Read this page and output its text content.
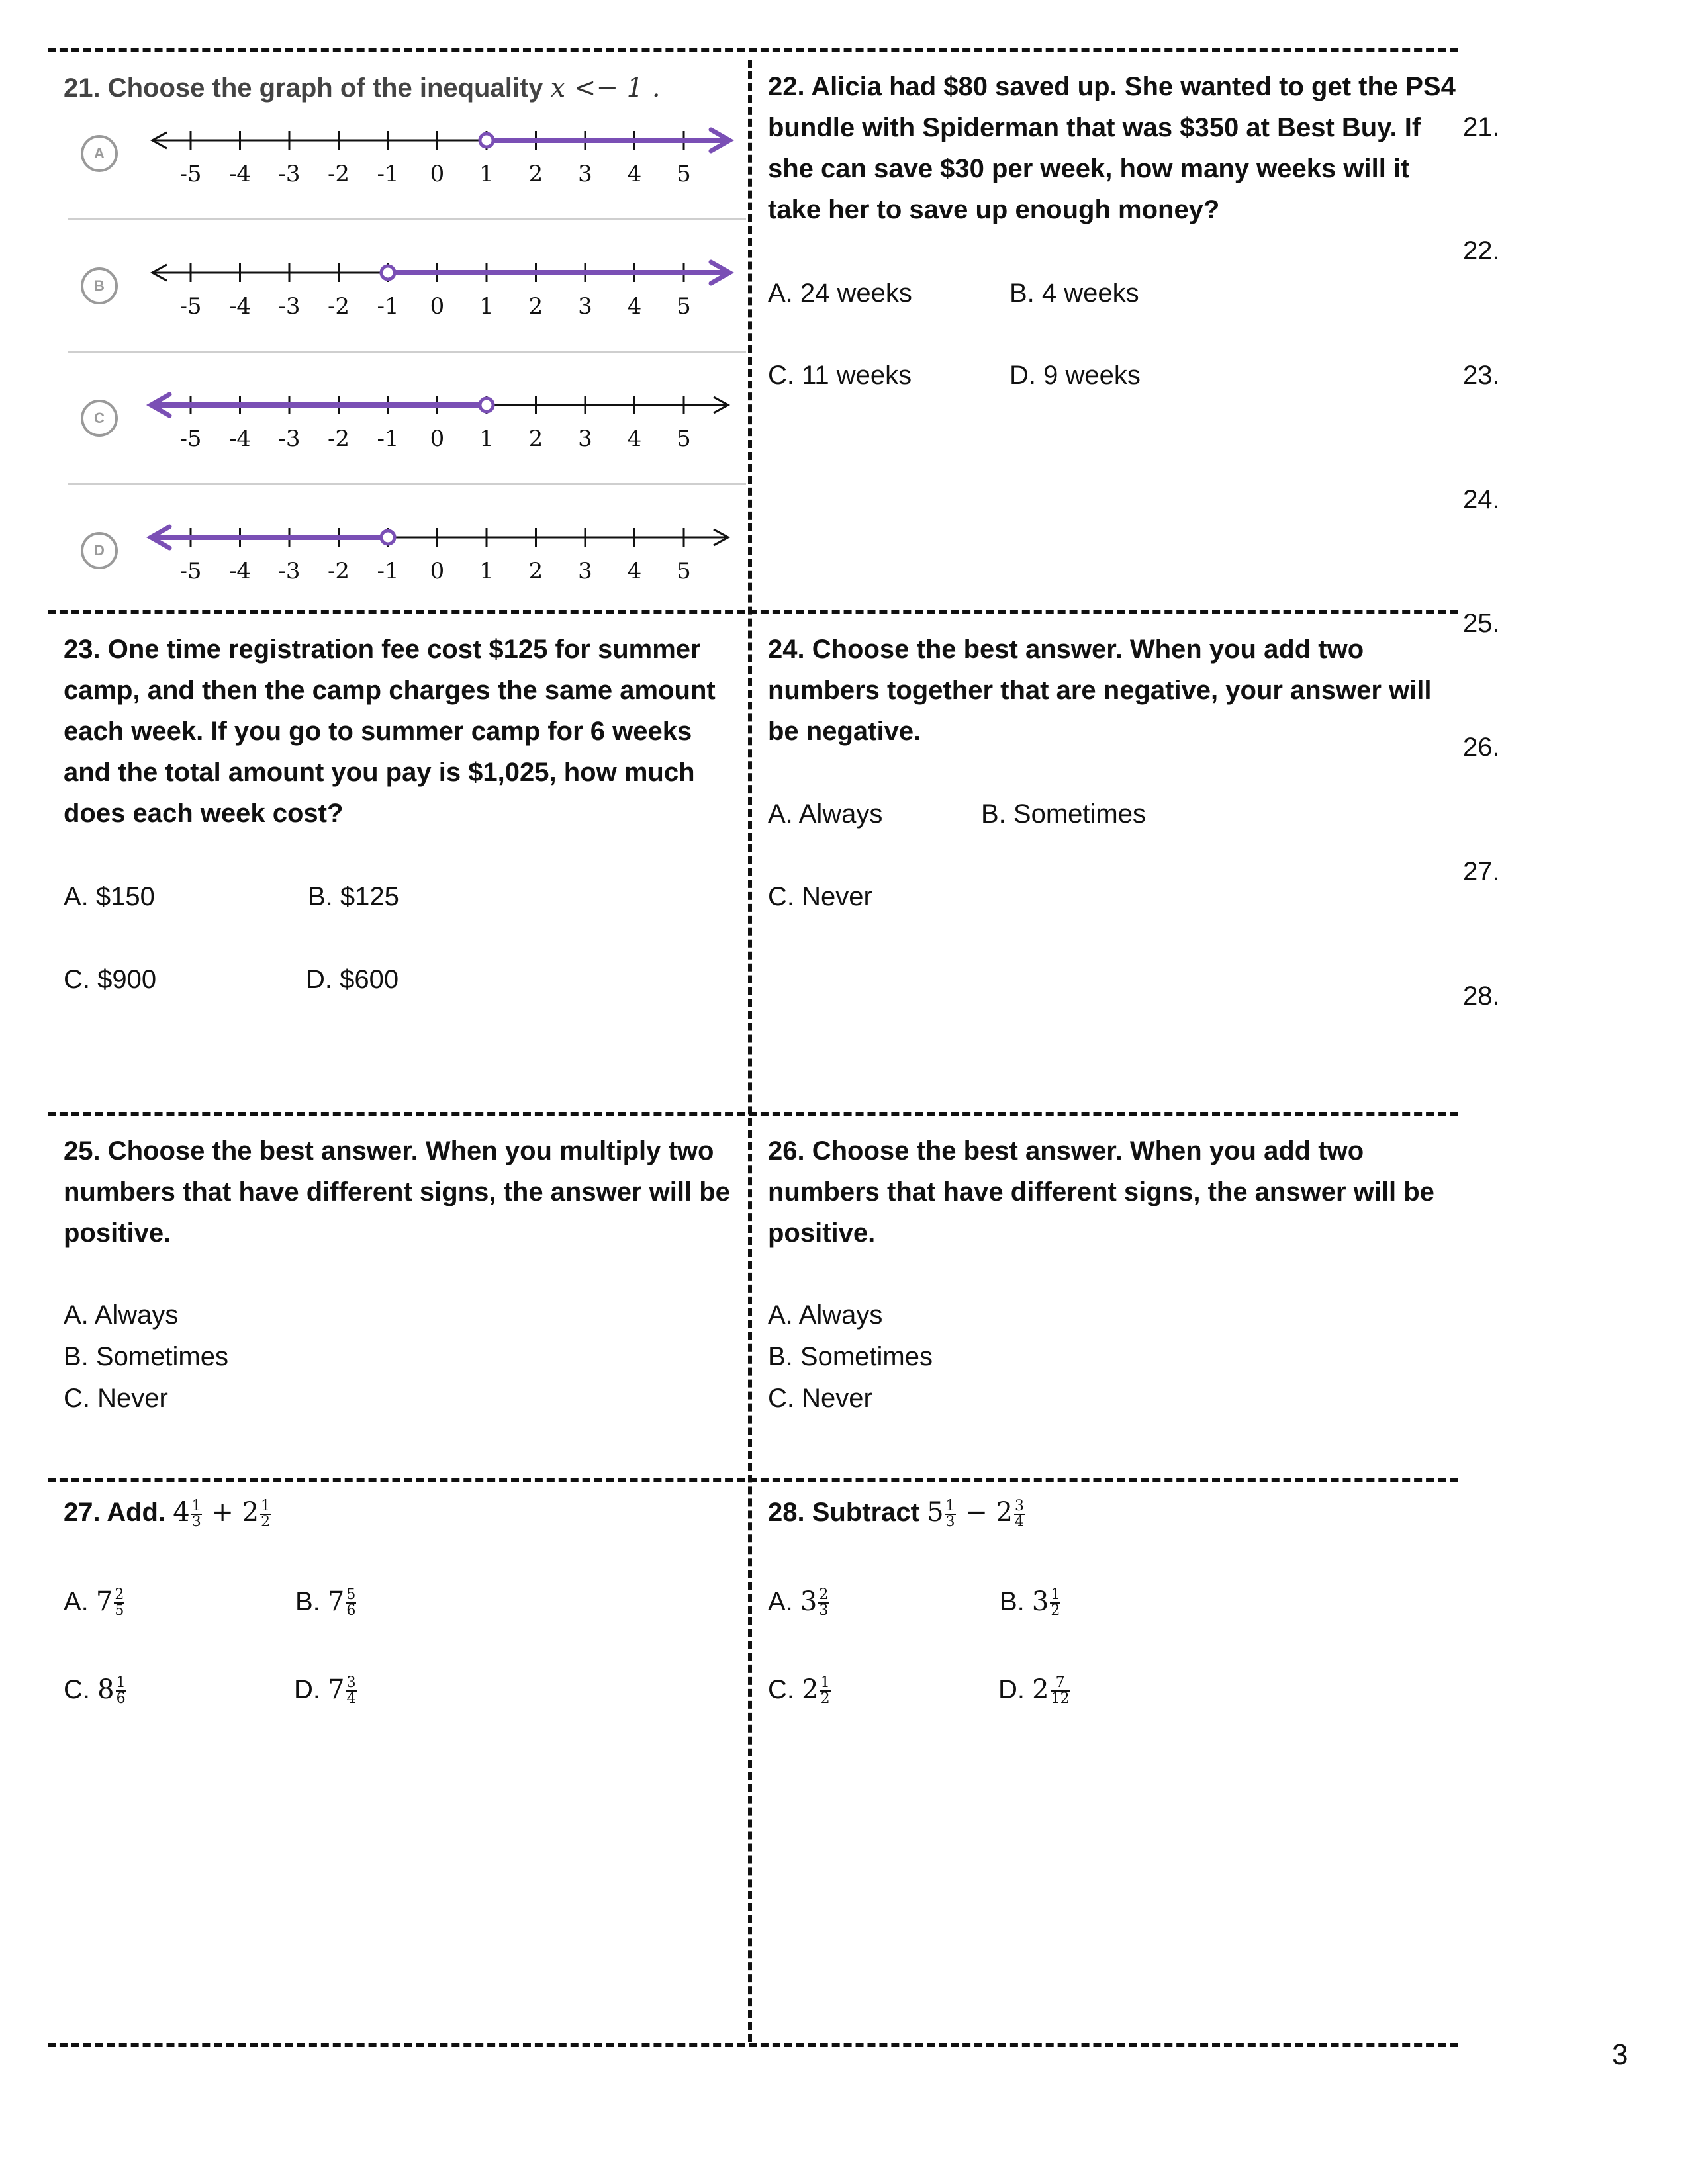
21. Choose the graph of the inequality x <− 1 .
A
-5 -4 -3 -2 -1 0 1 2 3 4 5
B
-5 -4 -3 -2 -1 0 1 2 3 4 5
C
-5 -4 -3 -2 -1 0 1 2 3 4 5
D
-5 -4 -3 -2 -1 0 1 2 3 4 5

22. Alicia had $80 saved up. She wanted to get the PS4 bundle with Spiderman that was $350 at Best Buy. If she can save $30 per week, how many weeks will it take her to save up enough money?

A. 24 weeks	B. 4 weeks
C. 11 weeks	D. 9 weeks

23. One time registration fee cost $125 for summer camp, and then the camp charges the same amount each week. If you go to summer camp for 6 weeks and the total amount you pay is $1,025, how much does each week cost?

A. $150	B. $125
C. $900	D. $600

24. Choose the best answer. When you add two numbers together that are negative, your answer will be negative.

A. Always	B. Sometimes
C. Never

25. Choose the best answer. When you multiply two numbers that have different signs, the answer will be positive.

A. Always
B. Sometimes
C. Never

26. Choose the best answer. When you add two numbers that have different signs, the answer will be positive.

A. Always
B. Sometimes
C. Never
27. Add. $4 \frac{1}{3} + 2 \frac{1}{2}$
A. $7 \frac{2}{5}$	B. $7 \frac{5}{6}$
C. $8 \frac{1}{6}$	D. $7 \frac{3}{4}$
28. Subtract $5 \frac{1}{3} - 2 \frac{3}{4}$
A. $3 \frac{2}{3}$	B. $3 \frac{1}{2}$
C. $2 \frac{1}{2}$	D. $2 \frac{7}{12}$
21.
22.
23.
24.
25.
26.
27.
28.
3
